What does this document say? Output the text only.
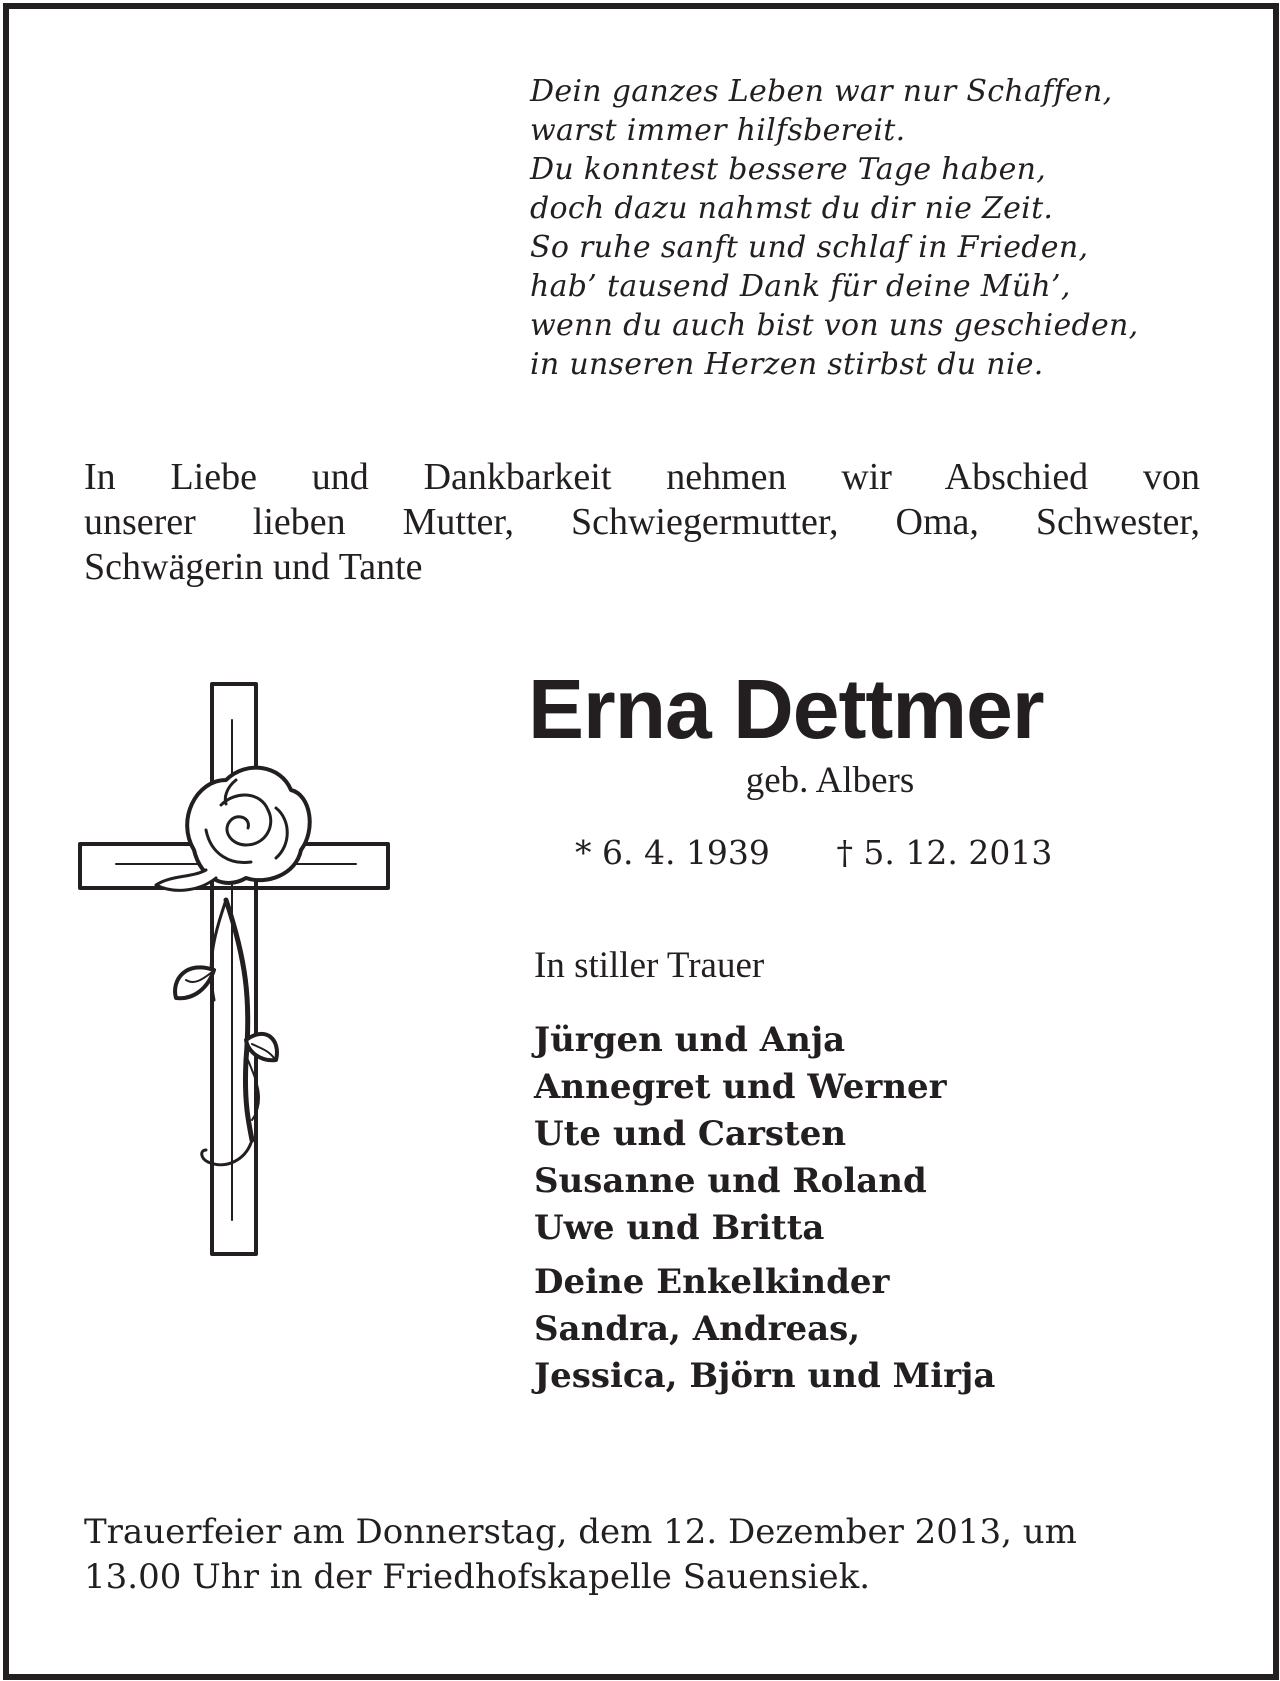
Dein ganzes Leben war nur Schaffen,
warst immer hilfsbereit.
Du konntest bessere Tage haben,
doch dazu nahmst du dir nie Zeit.
So ruhe sanft und schlaf in Frieden,
hab’ tausend Dank für deine Müh’,
wenn du auch bist von uns geschieden,
in unseren Herzen stirbst du nie.
In Liebe und Dankbarkeit nehmen wir Abschied von
unserer lieben Mutter, Schwiegermutter, Oma, Schwester,
Schwägerin und Tante
Erna Dettmer
geb. Albers
* 6. 4. 1939 † 5. 12. 2013
In stiller Trauer
Jürgen und Anja
Annegret und Werner
Ute und Carsten
Susanne und Roland
Uwe und Britta
Deine Enkelkinder
Sandra, Andreas,
Jessica, Björn und Mirja
Trauerfeier am Donnerstag, dem 12. Dezember 2013, um
13.00 Uhr in der Friedhofskapelle Sauensiek.
